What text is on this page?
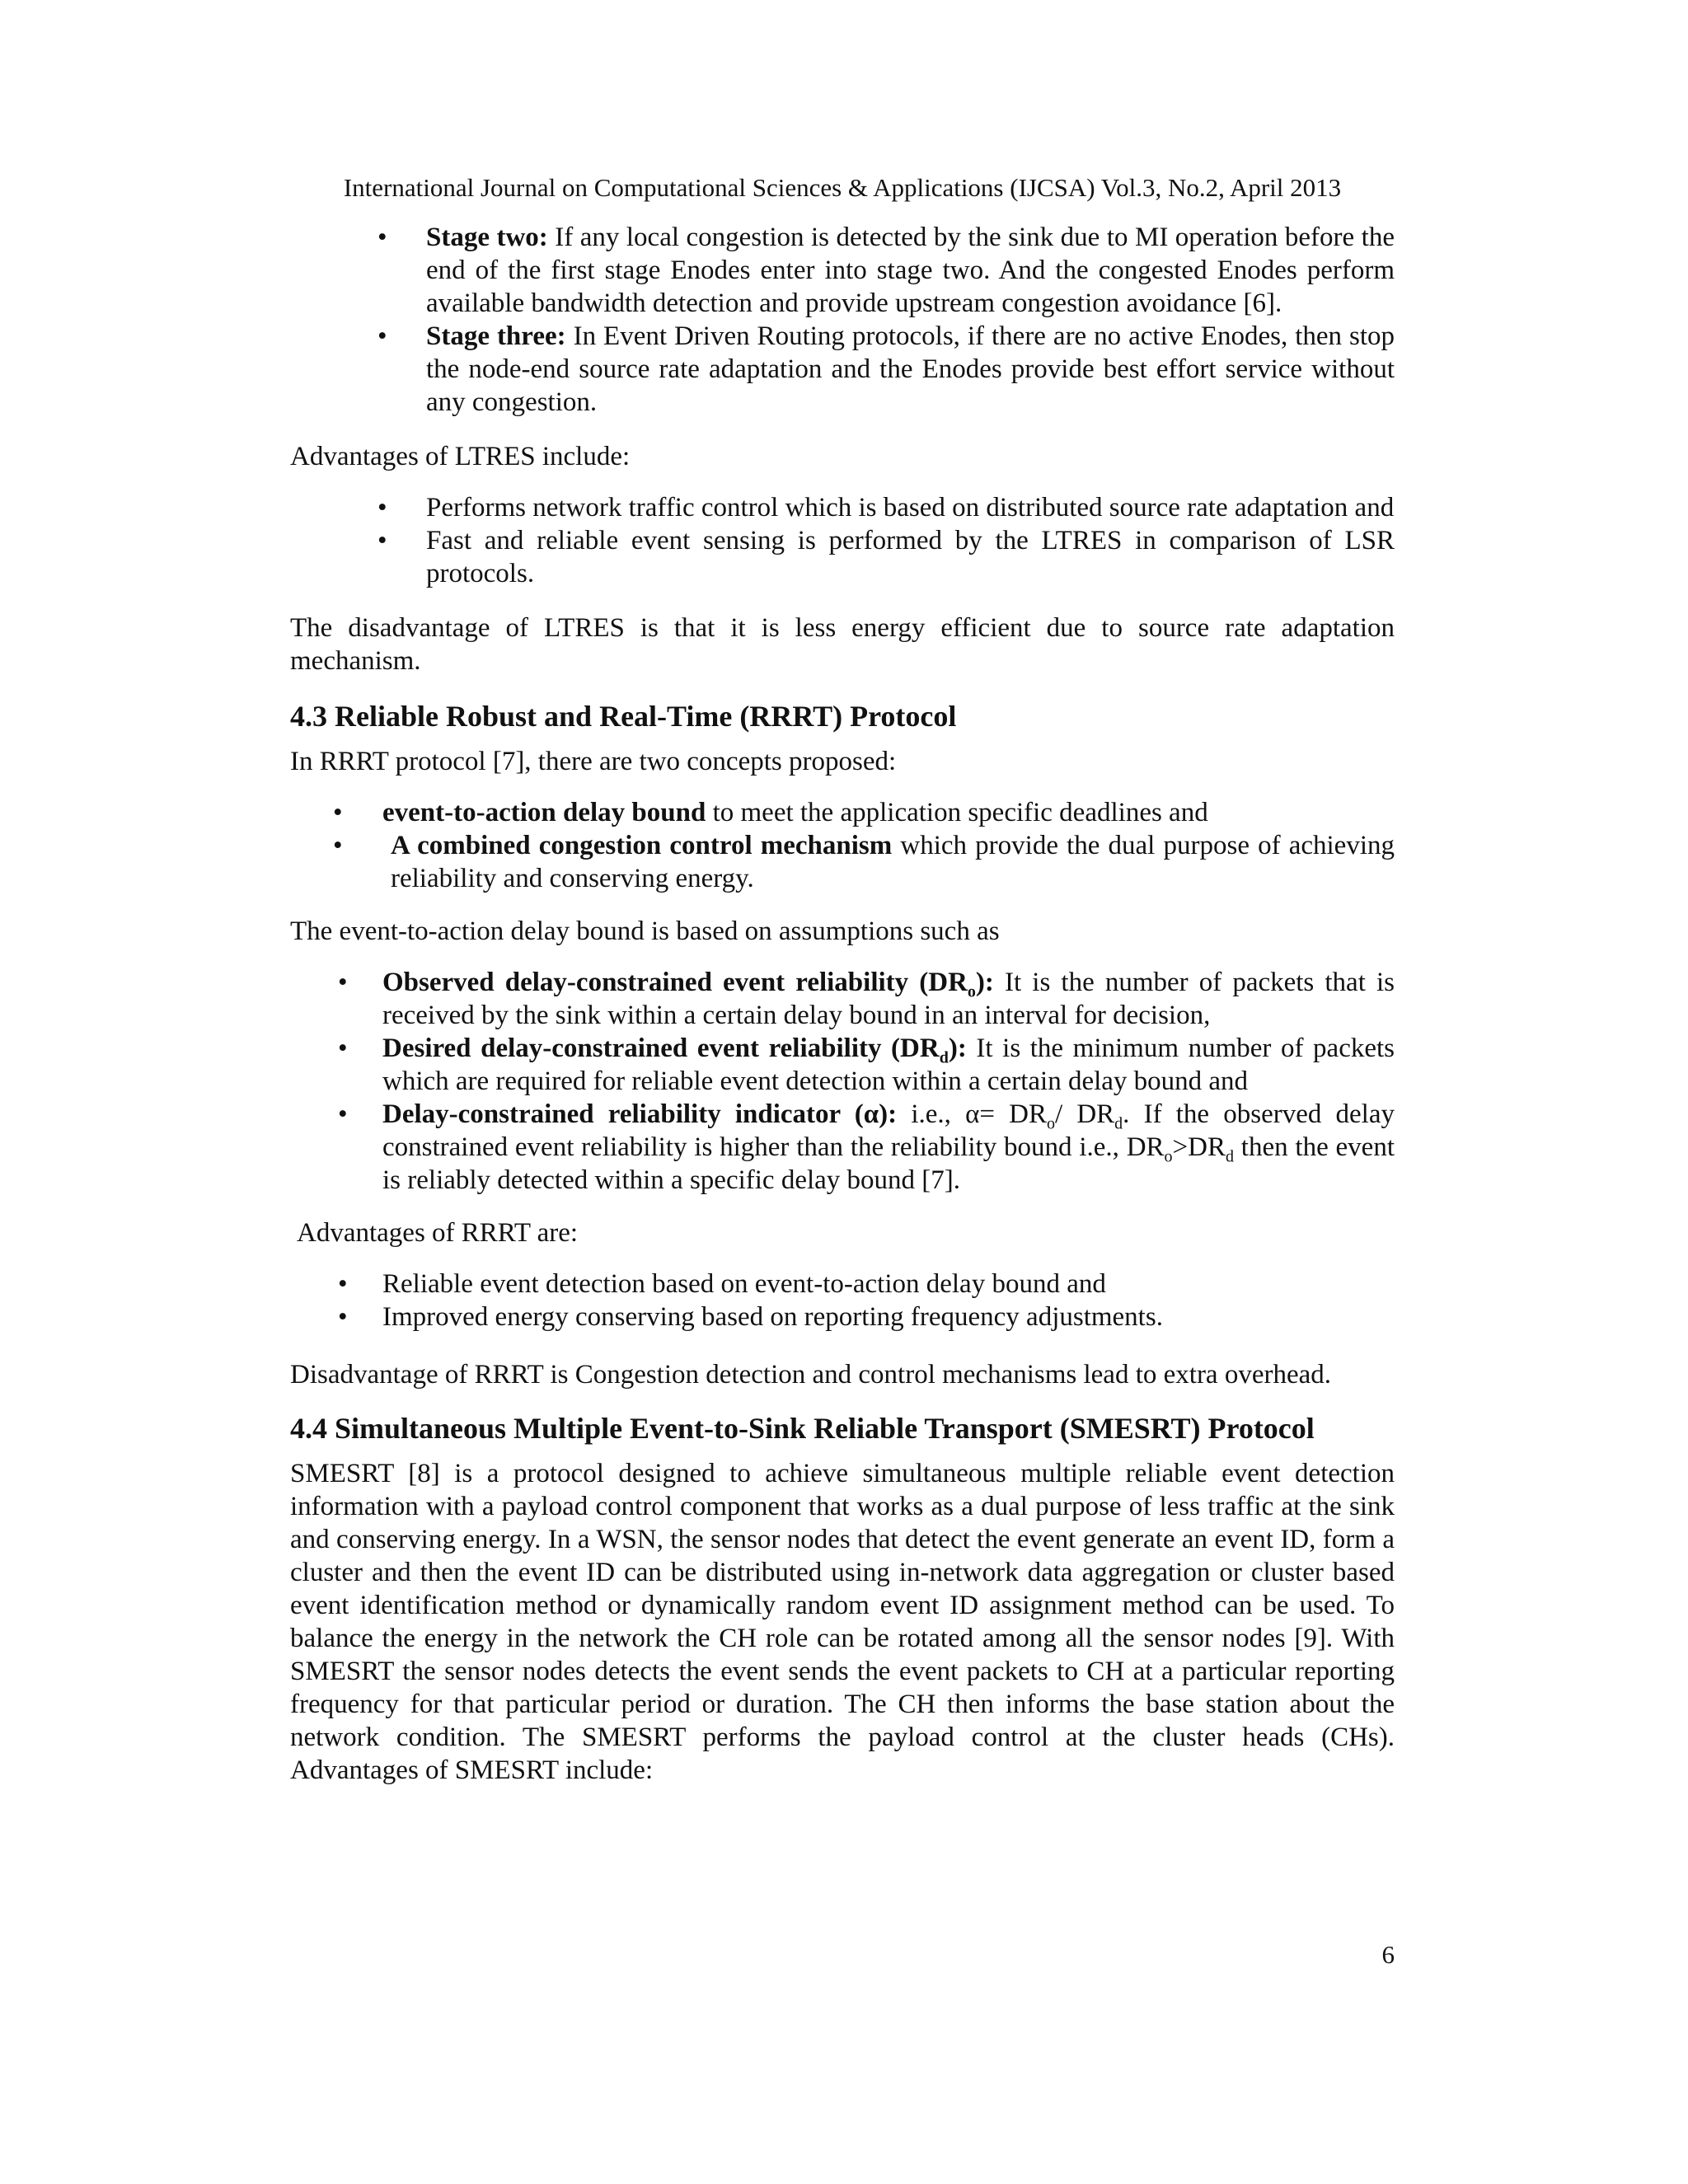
International Journal on Computational Sciences & Applications (IJCSA) Vol.3, No.2, April 2013
• Stage two: If any local congestion is detected by the sink due to MI operation before the end of the first stage Enodes enter into stage two. And the congested Enodes perform available bandwidth detection and provide upstream congestion avoidance [6].
• Stage three: In Event Driven Routing protocols, if there are no active Enodes, then stop the node-end source rate adaptation and the Enodes provide best effort service without any congestion.

Advantages of LTRES include:

• Performs network traffic control which is based on distributed source rate adaptation and
• Fast and reliable event sensing is performed by the LTRES in comparison of LSR protocols.

The disadvantage of LTRES is that it is less energy efficient due to source rate adaptation mechanism.

4.3 Reliable Robust and Real-Time (RRRT) Protocol

In RRRT protocol [7], there are two concepts proposed:

• event-to-action delay bound to meet the application specific deadlines and
• A combined congestion control mechanism which provide the dual purpose of achieving reliability and conserving energy.

The event-to-action delay bound is based on assumptions such as

• Observed delay-constrained event reliability $(DR_o)$: It is the number of packets that is received by the sink within a certain delay bound in an interval for decision,
• Desired delay-constrained event reliability $(DR_d)$: It is the minimum number of packets which are required for reliable event detection within a certain delay bound and
• Delay-constrained reliability indicator (α): i.e., $\alpha= DR_o/$ $DR_d$. If the observed delay constrained event reliability is higher than the reliability bound i.e., $DR_o>DR_d$ then the event is reliably detected within a specific delay bound [7].

Advantages of RRRT are:

• Reliable event detection based on event-to-action delay bound and
• Improved energy conserving based on reporting frequency adjustments.

Disadvantage of RRRT is Congestion detection and control mechanisms lead to extra overhead.

4.4 Simultaneous Multiple Event-to-Sink Reliable Transport (SMESRT) Protocol

SMESRT [8] is a protocol designed to achieve simultaneous multiple reliable event detection information with a payload control component that works as a dual purpose of less traffic at the sink and conserving energy. In a WSN, the sensor nodes that detect the event generate an event ID, form a cluster and then the event ID can be distributed using in-network data aggregation or cluster based event identification method or dynamically random event ID assignment method can be used. To balance the energy in the network the CH role can be rotated among all the sensor nodes [9]. With SMESRT the sensor nodes detects the event sends the event packets to CH at a particular reporting frequency for that particular period or duration. The CH then informs the base station about the network condition. The SMESRT performs the payload control at the cluster heads (CHs). Advantages of SMESRT include:

6
